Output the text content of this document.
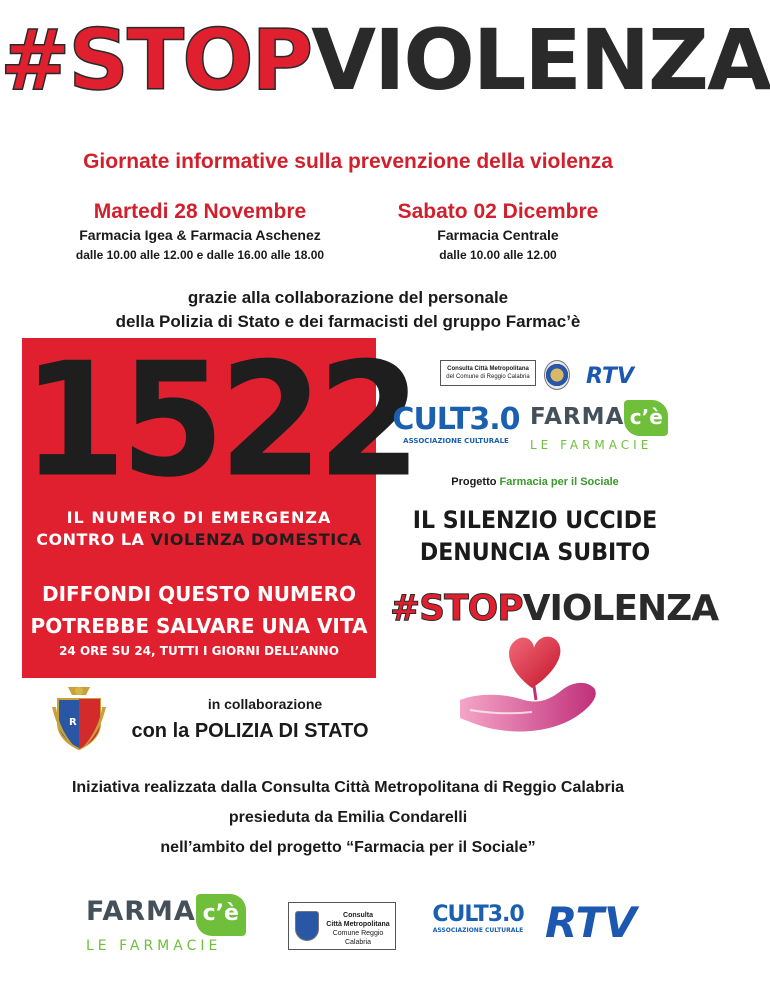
#STOPVIOLENZA
Giornate informative sulla prevenzione della violenza
Martedi 28 Novembre
Farmacia Igea & Farmacia Aschenez
dalle 10.00 alle 12.00 e dalle 16.00 alle 18.00
Sabato 02 Dicembre
Farmacia Centrale
dalle 10.00 alle 12.00
grazie alla collaborazione del personale
della Polizia di Stato e dei farmacisti del gruppo Farmac’è
1522
IL NUMERO DI EMERGENZA
CONTRO LA VIOLENZA DOMESTICA
DIFFONDI QUESTO NUMERO
POTREBBE SALVARE UNA VITA
24 ORE SU 24, TUTTI I GIORNI DELL’ANNO
Consulta Città Metropolitana
del Comune di Reggio Calabria	RTV
CULT3.0
ASSOCIAZIONE CULTURALE
FARMA c’è
LE FARMACIE
Progetto Farmacia per il Sociale
IL SILENZIO UCCIDE
DENUNCIA SUBITO
#STOPVIOLENZA
R
in collaborazione
con la POLIZIA DI STATO
Iniziativa realizzata dalla Consulta Città Metropolitana di Reggio Calabria
presieduta da Emilia Condarelli
nell’ambito del progetto “Farmacia per il Sociale”
FARMA c’è
LE FARMACIE
Consulta
Città Metropolitana
Comune Reggio Calabria
CULT3.0
ASSOCIAZIONE CULTURALE RTV
